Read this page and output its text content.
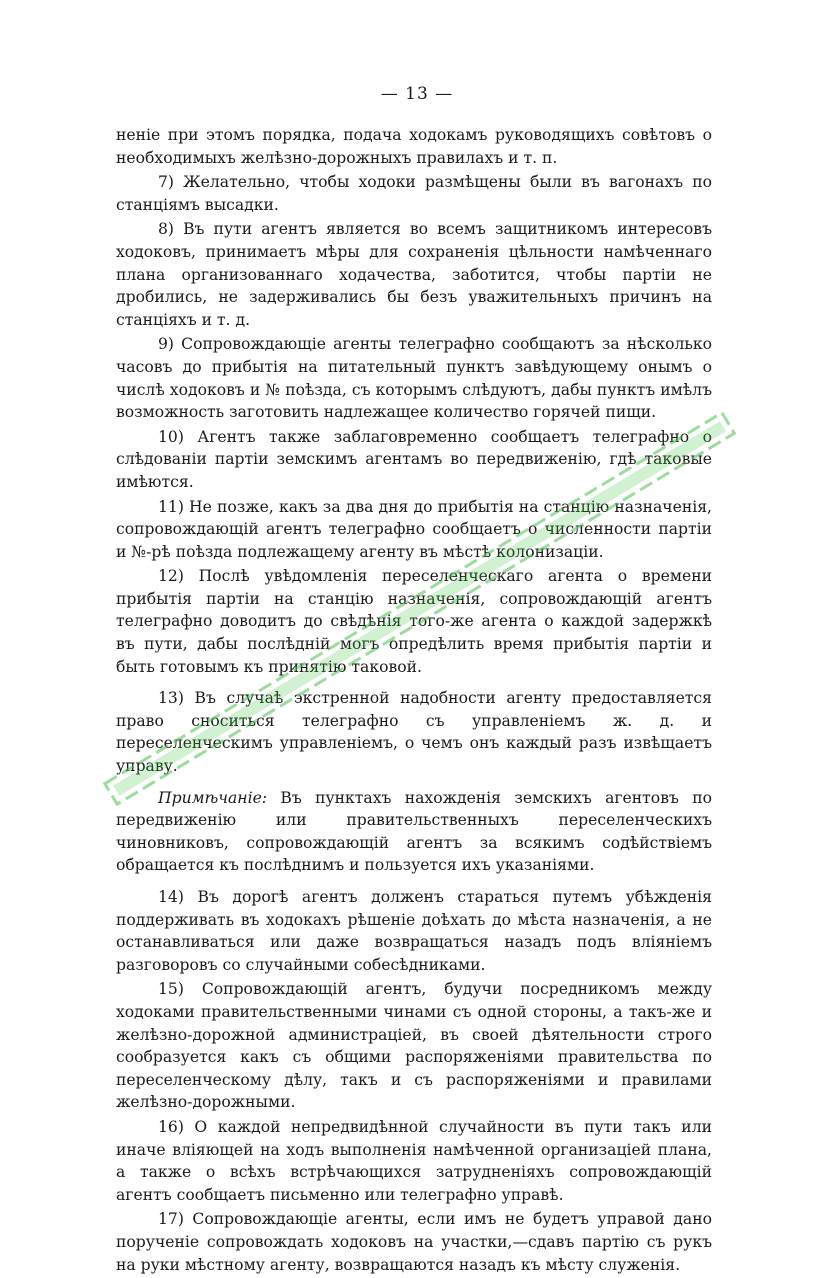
— 13 —

неніе при этомъ порядка, подача ходокамъ руководящихъ совѣтовъ о необходимыхъ желѣзно-дорожныхъ правилахъ и т. п.

7) Желательно, чтобы ходоки размѣщены были въ вагонахъ по станціямъ высадки.

8) Въ пути агентъ является во всемъ защитникомъ интересовъ ходоковъ, принимаетъ мѣры для сохраненія цѣльности намѣченнаго плана организованнаго ходачества, заботится, чтобы партіи не дробились, не задерживались бы безъ уважительныхъ причинъ на станціяхъ и т. д.

9) Сопровождающіе агенты телеграфно сообщаютъ за нѣсколько часовъ до прибытія на питательный пунктъ завѣдующему онымъ о числѣ ходоковъ и № поѣзда, съ которымъ слѣдуютъ, дабы пунктъ имѣлъ возможность заготовить надлежащее количество горячей пищи.

10) Агентъ также заблаговременно сообщаетъ телеграфно о слѣдованіи партіи земскимъ агентамъ во передвиженію, гдѣ таковые имѣются.

11) Не позже, какъ за два дня до прибытія на станцію назначенія, сопровождающій агентъ телеграфно сообщаетъ о численности партіи и №-рѣ поѣзда подлежащему агенту въ мѣстѣ колонизаціи.

12) Послѣ увѣдомленія переселенческаго агента о времени прибытія партіи на станцію назначенія, сопровождающій агентъ телеграфно доводитъ до свѣдѣнія того-же агента о каждой задержкѣ въ пути, дабы послѣдній могъ опредѣлить время прибытія партіи и быть готовымъ къ принятію таковой.

13) Въ случаѣ экстренной надобности агенту предоставляется право сноситься телеграфно съ управленіемъ ж. д. и переселенческимъ управленіемъ, о чемъ онъ каждый разъ извѣщаетъ управу.

Примѣчаніе: Въ пунктахъ нахожденія земскихъ агентовъ по передвиженію или правительственныхъ переселенческихъ чиновниковъ, сопровождающій агентъ за всякимъ содѣйствіемъ обращается къ послѣднимъ и пользуется ихъ указаніями.

14) Въ дорогѣ агентъ долженъ стараться путемъ убѣжденія поддерживать въ ходокахъ рѣшеніе доѣхать до мѣста назначенія, а не останавливаться или даже возвращаться назадъ подъ вліяніемъ разговоровъ со случайными собесѣдниками.

15) Сопровождающій агентъ, будучи посредникомъ между ходоками правительственными чинами съ одной стороны, а такъ-же и желѣзно-дорожной администраціей, въ своей дѣятельности строго сообразуется какъ съ общими распоряженіями правительства по переселенческому дѣлу, такъ и съ распоряженіями и правилами желѣзно-дорожными.

16) О каждой непредвидѣнной случайности въ пути такъ или иначе вліяющей на ходъ выполненія намѣченной организаціей плана, а также о всѣхъ встрѣчающихся затрудненіяхъ сопровождающій агентъ сообщаетъ письменно или телеграфно управѣ.

17) Сопровождающіе агенты, если имъ не будетъ управой дано порученіе сопровождать ходоковъ на участки,—сдавъ партію съ рукъ на руки мѣстному агенту, возвращаются назадъ къ мѣсту служенія.
